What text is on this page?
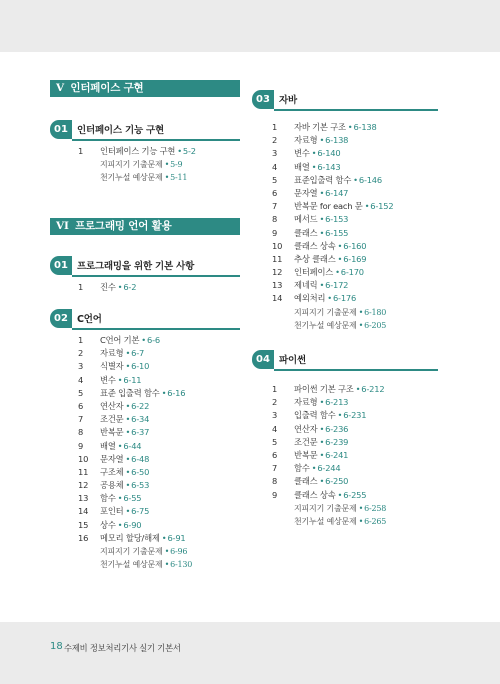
V 인터페이스 구현
01 인터페이스 기능 구현
1	인터페이스 기능 구현 •5-2
지피지기 기출문제 •5-9
천기누설 예상문제 •5-11
VI 프로그래밍 언어 활용
01 프로그래밍을 위한 기본 사항
1	진수 •6-2
02 C언어
1	C언어 기본 •6-6
2	자료형 •6-7
3	식별자 •6-10
4	변수 •6-11
5	표준 입출력 함수 •6-16
6	연산자 •6-22
7	조건문 •6-34
8	반복문 •6-37
9	배열 •6-44
10	문자열 •6-48
11	구조체 •6-50
12	공용체 •6-53
13	함수 •6-55
14	포인터 •6-75
15	상수 •6-90
16	메모리 할당/해제 •6-91
지피지기 기출문제 •6-96
천기누설 예상문제 •6-130
03 자바
1	자바 기본 구조 •6-138
2	자료형 •6-138
3	변수 •6-140
4	배열 •6-143
5	표준입출력 함수 •6-146
6	문자열 •6-147
7	반복문 for each 문 •6-152
8	메서드 •6-153
9	클래스 •6-155
10	클래스 상속 •6-160
11	추상 클래스 •6-169
12	인터페이스 •6-170
13	제네릭 •6-172
14	예외처리 •6-176
지피지기 기출문제 •6-180
천기누설 예상문제 •6-205
04 파이썬
1	파이썬 기본 구조 •6-212
2	자료형 •6-213
3	입출력 함수 •6-231
4	연산자 •6-236
5	조건문 •6-239
6	반복문 •6-241
7	함수 •6-244
8	클래스 •6-250
9	클래스 상속 •6-255
지피지기 기출문제 •6-258
천기누설 예상문제 •6-265
18 수제비 정보처리기사 실기 기본서
